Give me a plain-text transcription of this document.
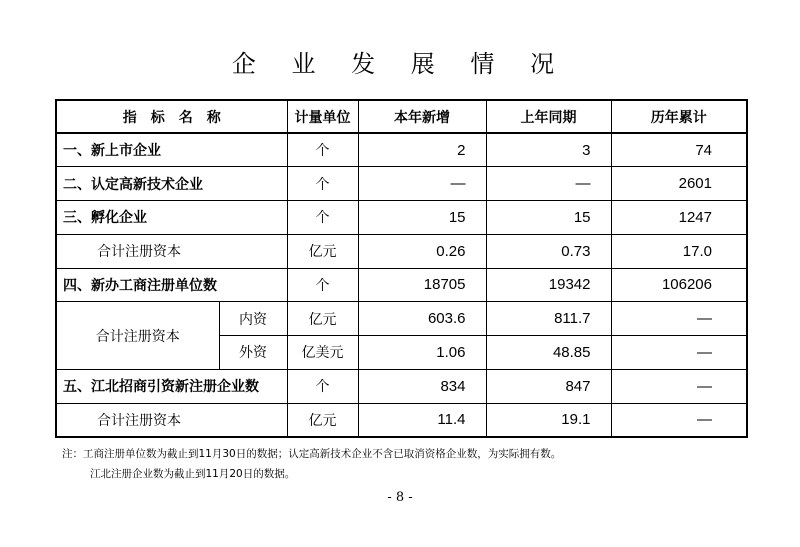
企 业 发 展 情 况
指　标　名　称		计量单位	本年新增	上年同期	历年累计
一、新上市企业		个	2	3	74
二、认定高新技术企业		个	—	—	2601
三、孵化企业		个	15	15	1247
合计注册资本		亿元	0.26	0.73	17.0
四、新办工商注册单位数		个	18705	19342	106206
合计注册资本	内资	亿元	603.6	811.7	—
	外资	亿美元	1.06	48.85	—
五、江北招商引资新注册企业数		个	834	847	—
合计注册资本		亿元	11.4	19.1	—
注：工商注册单位数为截止到11月30日的数据；认定高新技术企业不含已取消资格企业数，为实际拥有数。
江北注册企业数为截止到11月20日的数据。
- 8 -
